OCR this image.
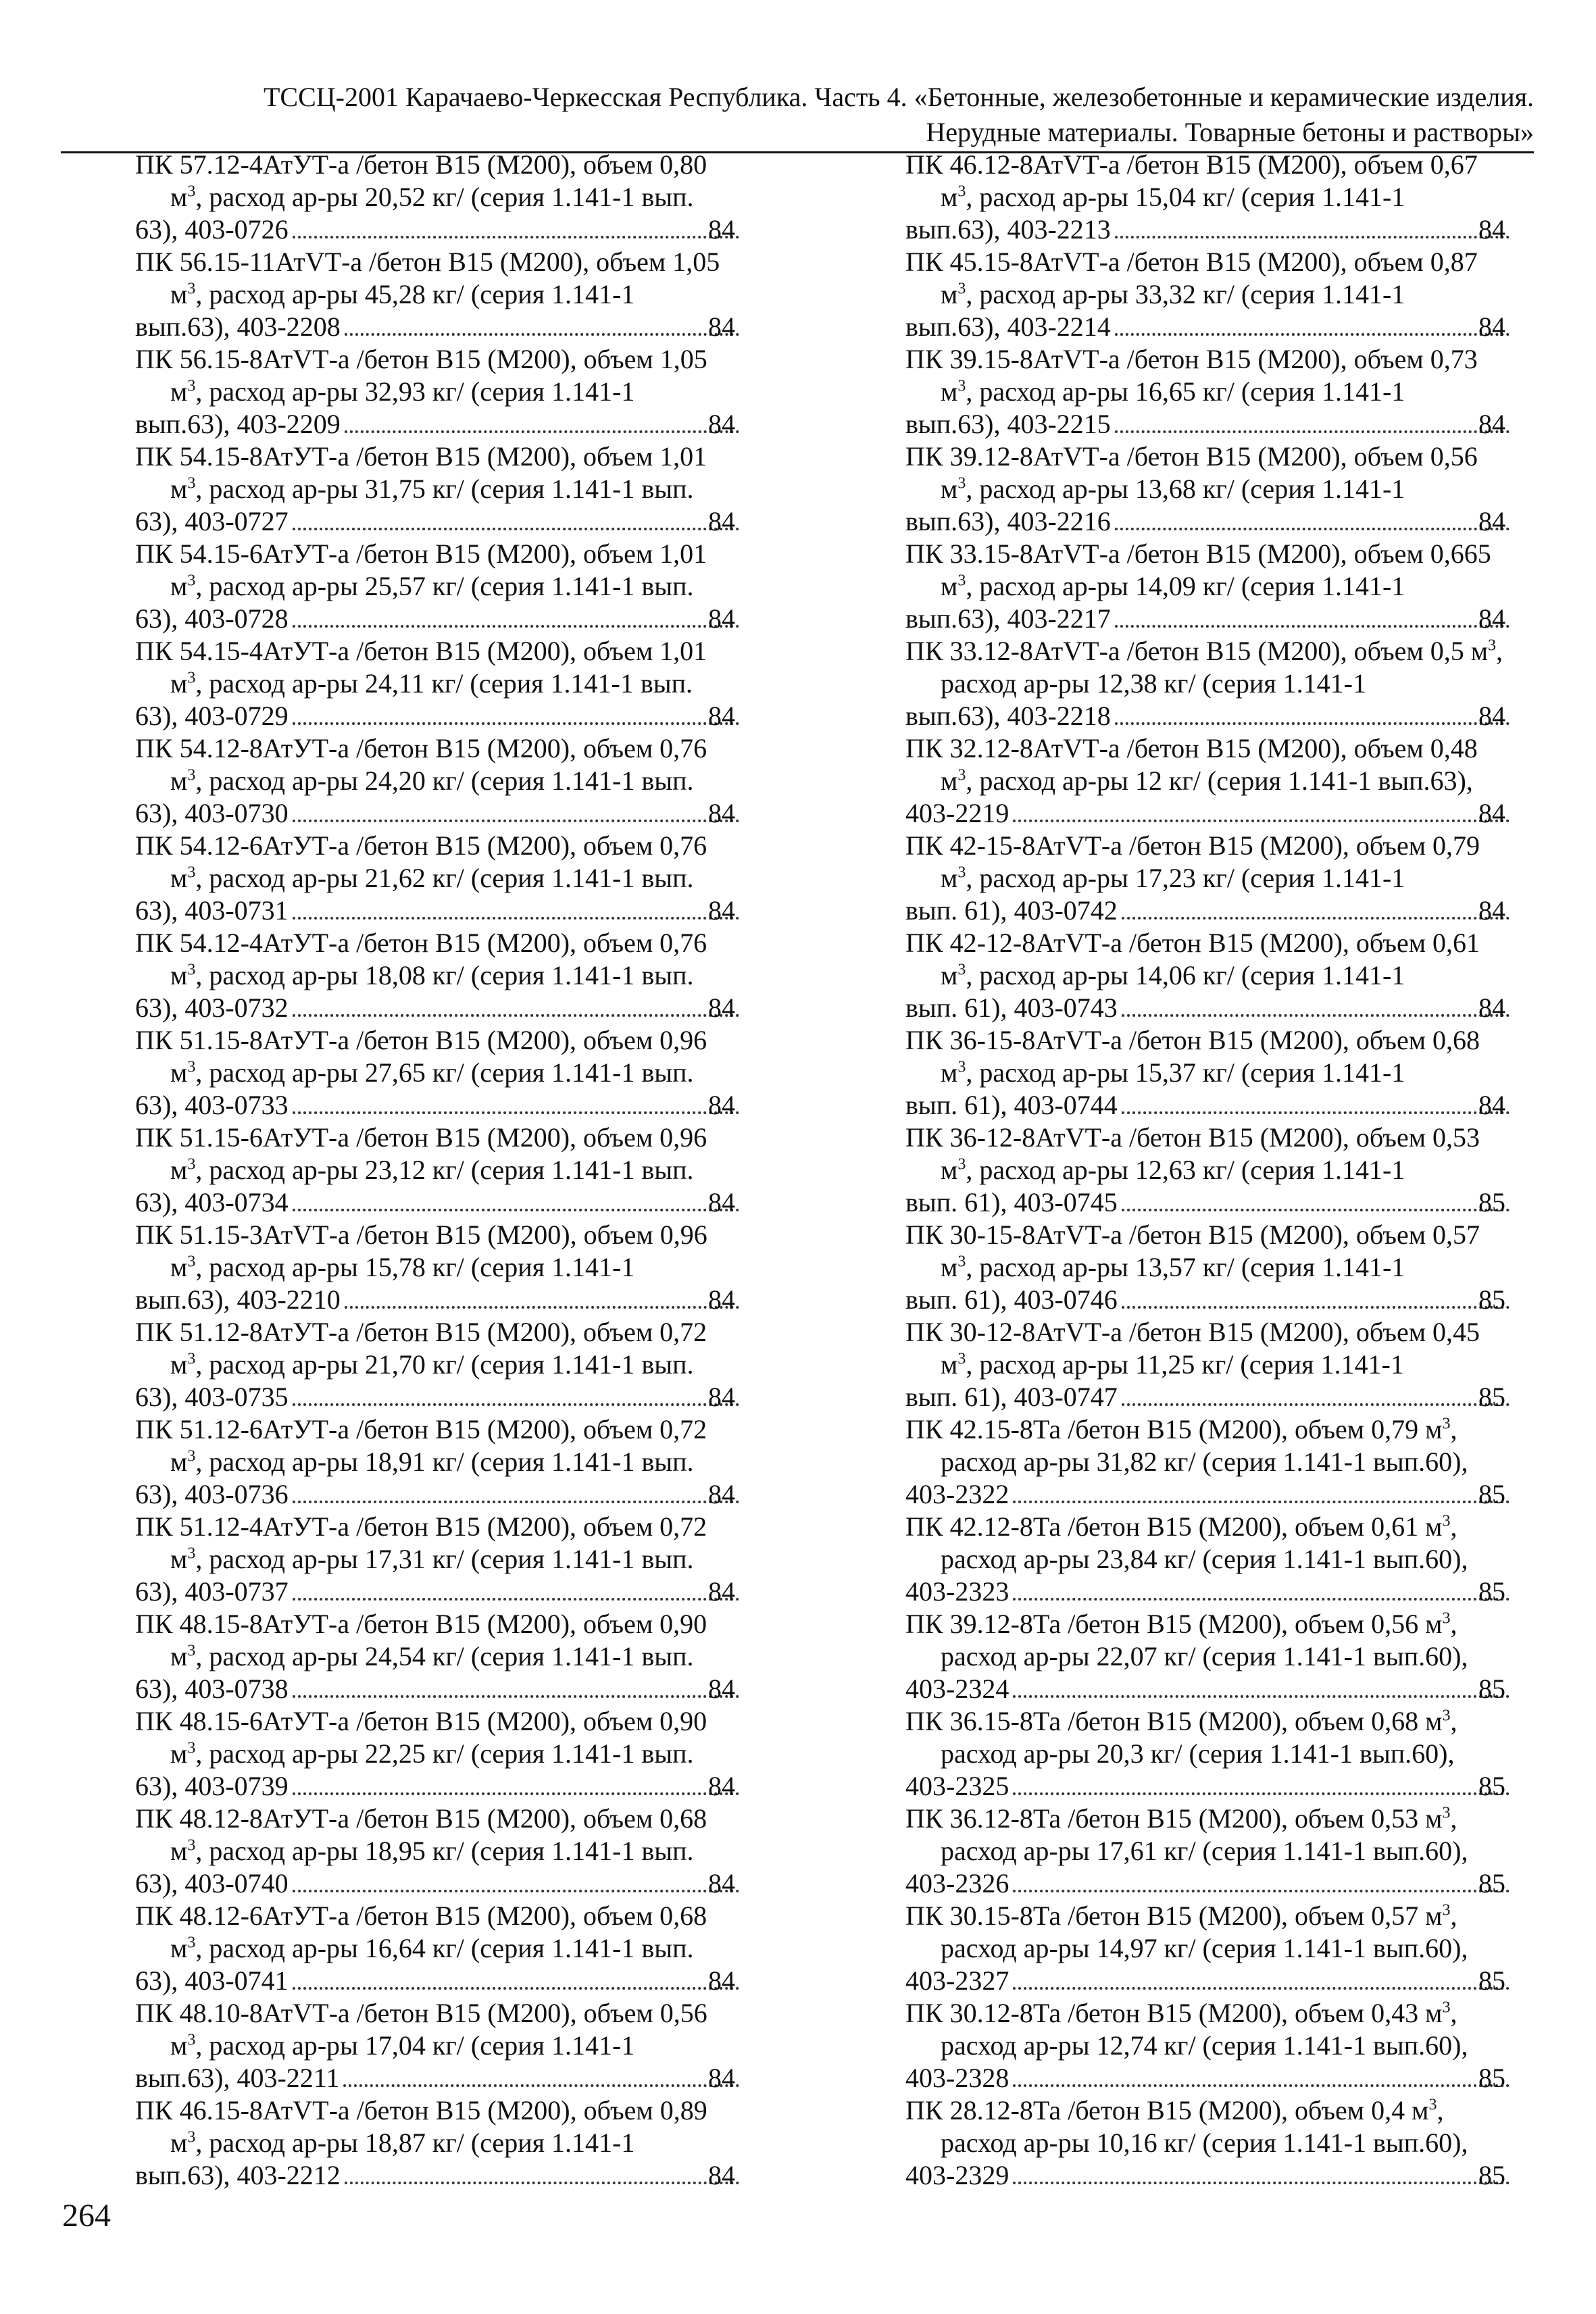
ТССЦ-2001 Карачаево-Черкесская Республика. Часть 4. «Бетонные, железобетонные и керамические изделия.
Нерудные материалы. Товарные бетоны и растворы»
ПК 57.12-4АтУТ-а /бетон В15 (М200), объем 0,80 $м^3$, расход ар-ры 20,52 кг/ (серия 1.141-1 вып.
63), 403-0726	84
ПК 56.15-11АтVТ-а /бетон В15 (М200), объем 1,05 $м^3$, расход ар-ры 45,28 кг/ (серия 1.141-1
вып.63), 403-2208	84
ПК 56.15-8АтVТ-а /бетон В15 (М200), объем 1,05 $м^3$, расход ар-ры 32,93 кг/ (серия 1.141-1
вып.63), 403-2209	84
ПК 54.15-8АтУТ-а /бетон В15 (М200), объем 1,01 $м^3$, расход ар-ры 31,75 кг/ (серия 1.141-1 вып.
63), 403-0727	84
ПК 54.15-6АтУТ-а /бетон В15 (М200), объем 1,01 $м^3$, расход ар-ры 25,57 кг/ (серия 1.141-1 вып.
63), 403-0728	84
ПК 54.15-4АтУТ-а /бетон В15 (М200), объем 1,01 $м^3$, расход ар-ры 24,11 кг/ (серия 1.141-1 вып.
63), 403-0729	84
ПК 54.12-8АтУТ-а /бетон В15 (М200), объем 0,76 $м^3$, расход ар-ры 24,20 кг/ (серия 1.141-1 вып.
63), 403-0730	84
ПК 54.12-6АтУТ-а /бетон В15 (М200), объем 0,76 $м^3$, расход ар-ры 21,62 кг/ (серия 1.141-1 вып.
63), 403-0731	84
ПК 54.12-4АтУТ-а /бетон В15 (М200), объем 0,76 $м^3$, расход ар-ры 18,08 кг/ (серия 1.141-1 вып.
63), 403-0732	84
ПК 51.15-8АтУТ-а /бетон В15 (М200), объем 0,96 $м^3$, расход ар-ры 27,65 кг/ (серия 1.141-1 вып.
63), 403-0733	84
ПК 51.15-6АтУТ-а /бетон В15 (М200), объем 0,96 $м^3$, расход ар-ры 23,12 кг/ (серия 1.141-1 вып.
63), 403-0734	84
ПК 51.15-3АтVТ-а /бетон В15 (М200), объем 0,96 $м^3$, расход ар-ры 15,78 кг/ (серия 1.141-1
вып.63), 403-2210	84
ПК 51.12-8АтУТ-а /бетон В15 (М200), объем 0,72 $м^3$, расход ар-ры 21,70 кг/ (серия 1.141-1 вып.
63), 403-0735	84
ПК 51.12-6АтУТ-а /бетон В15 (М200), объем 0,72 $м^3$, расход ар-ры 18,91 кг/ (серия 1.141-1 вып.
63), 403-0736	84
ПК 51.12-4АтУТ-а /бетон В15 (М200), объем 0,72 $м^3$, расход ар-ры 17,31 кг/ (серия 1.141-1 вып.
63), 403-0737	84
ПК 48.15-8АтУТ-а /бетон В15 (М200), объем 0,90 $м^3$, расход ар-ры 24,54 кг/ (серия 1.141-1 вып.
63), 403-0738	84
ПК 48.15-6АтУТ-а /бетон В15 (М200), объем 0,90 $м^3$, расход ар-ры 22,25 кг/ (серия 1.141-1 вып.
63), 403-0739	84
ПК 48.12-8АтУТ-а /бетон В15 (М200), объем 0,68 $м^3$, расход ар-ры 18,95 кг/ (серия 1.141-1 вып.
63), 403-0740	84
ПК 48.12-6АтУТ-а /бетон В15 (М200), объем 0,68 $м^3$, расход ар-ры 16,64 кг/ (серия 1.141-1 вып.
63), 403-0741	84
ПК 48.10-8АтVТ-а /бетон В15 (М200), объем 0,56 $м^3$, расход ар-ры 17,04 кг/ (серия 1.141-1
вып.63), 403-2211	84
ПК 46.15-8АтVТ-а /бетон В15 (М200), объем 0,89 $м^3$, расход ар-ры 18,87 кг/ (серия 1.141-1
вып.63), 403-2212	84
ПК 46.12-8АтVТ-а /бетон В15 (М200), объем 0,67 $м^3$, расход ар-ры 15,04 кг/ (серия 1.141-1
вып.63), 403-2213	84
ПК 45.15-8АтVТ-а /бетон В15 (М200), объем 0,87 $м^3$, расход ар-ры 33,32 кг/ (серия 1.141-1
вып.63), 403-2214	84
ПК 39.15-8АтVТ-а /бетон В15 (М200), объем 0,73 $м^3$, расход ар-ры 16,65 кг/ (серия 1.141-1
вып.63), 403-2215	84
ПК 39.12-8АтVТ-а /бетон В15 (М200), объем 0,56 $м^3$, расход ар-ры 13,68 кг/ (серия 1.141-1
вып.63), 403-2216	84
ПК 33.15-8АтVТ-а /бетон В15 (М200), объем 0,665 $м^3$, расход ар-ры 14,09 кг/ (серия 1.141-1
вып.63), 403-2217	84
ПК 33.12-8АтVТ-а /бетон В15 (М200), объем 0,5 $м^3$, расход ар-ры 12,38 кг/ (серия 1.141-1
вып.63), 403-2218	84
ПК 32.12-8АтVТ-а /бетон В15 (М200), объем 0,48 $м^3$, расход ар-ры 12 кг/ (серия 1.141-1 вып.63),
403-2219	84
ПК 42-15-8АтVТ-а /бетон В15 (М200), объем 0,79 $м^3$, расход ар-ры 17,23 кг/ (серия 1.141-1
вып. 61), 403-0742	84
ПК 42-12-8АтVТ-а /бетон В15 (М200), объем 0,61 $м^3$, расход ар-ры 14,06 кг/ (серия 1.141-1
вып. 61), 403-0743	84
ПК 36-15-8АтVТ-а /бетон В15 (М200), объем 0,68 $м^3$, расход ар-ры 15,37 кг/ (серия 1.141-1
вып. 61), 403-0744	84
ПК 36-12-8АтVТ-а /бетон В15 (М200), объем 0,53 $м^3$, расход ар-ры 12,63 кг/ (серия 1.141-1
вып. 61), 403-0745	85
ПК 30-15-8АтVТ-а /бетон В15 (М200), объем 0,57 $м^3$, расход ар-ры 13,57 кг/ (серия 1.141-1
вып. 61), 403-0746	85
ПК 30-12-8АтVТ-а /бетон В15 (М200), объем 0,45 $м^3$, расход ар-ры 11,25 кг/ (серия 1.141-1
вып. 61), 403-0747	85
ПК 42.15-8Та /бетон В15 (М200), объем 0,79 $м^3$, расход ар-ры 31,82 кг/ (серия 1.141-1 вып.60),
403-2322	85
ПК 42.12-8Та /бетон В15 (М200), объем 0,61 $м^3$, расход ар-ры 23,84 кг/ (серия 1.141-1 вып.60),
403-2323	85
ПК 39.12-8Та /бетон В15 (М200), объем 0,56 $м^3$, расход ар-ры 22,07 кг/ (серия 1.141-1 вып.60),
403-2324	85
ПК 36.15-8Та /бетон В15 (М200), объем 0,68 $м^3$, расход ар-ры 20,3 кг/ (серия 1.141-1 вып.60),
403-2325	85
ПК 36.12-8Та /бетон В15 (М200), объем 0,53 $м^3$, расход ар-ры 17,61 кг/ (серия 1.141-1 вып.60),
403-2326	85
ПК 30.15-8Та /бетон В15 (М200), объем 0,57 $м^3$, расход ар-ры 14,97 кг/ (серия 1.141-1 вып.60),
403-2327	85
ПК 30.12-8Та /бетон В15 (М200), объем 0,43 $м^3$, расход ар-ры 12,74 кг/ (серия 1.141-1 вып.60),
403-2328	85
ПК 28.12-8Та /бетон В15 (М200), объем 0,4 $м^3$, расход ар-ры 10,16 кг/ (серия 1.141-1 вып.60),
403-2329	85
264
